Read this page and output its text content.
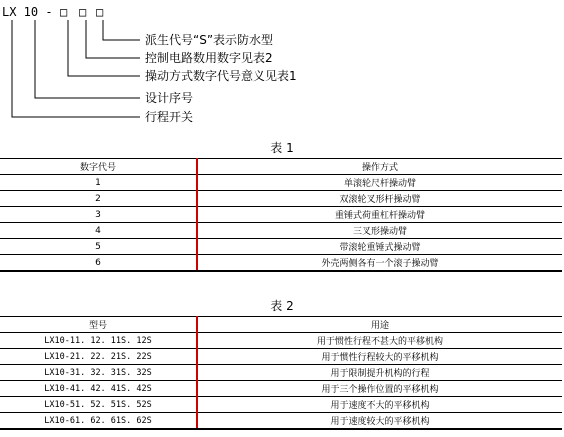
LX 10 - □ □ □
派生代号“S”表示防水型
控制电路数用数字见表2
操动方式数字代号意义见表1
设计序号
行程开关
表 1
数字代号	操作方式
1	单滚轮尺杆操动臂
2	双滚轮叉形杆操动臂
3	重锤式荷重杠杆操动臂
4	三叉形操动臂
5	带滚轮重锤式操动臂
6	外壳两侧各有一个滚子操动臂
表 2
型号	用途
LX10-11. 12. 11S. 12S	用于惯性行程不甚大的平移机构
LX10-21. 22. 21S. 22S	用于惯性行程较大的平移机构
LX10-31. 32. 31S. 32S	用于限制提升机构的行程
LX10-41. 42. 41S. 42S	用于三个操作位置的平移机构
LX10-51. 52. 51S. 52S	用于速度不大的平移机构
LX10-61. 62. 61S. 62S	用于速度较大的平移机构
